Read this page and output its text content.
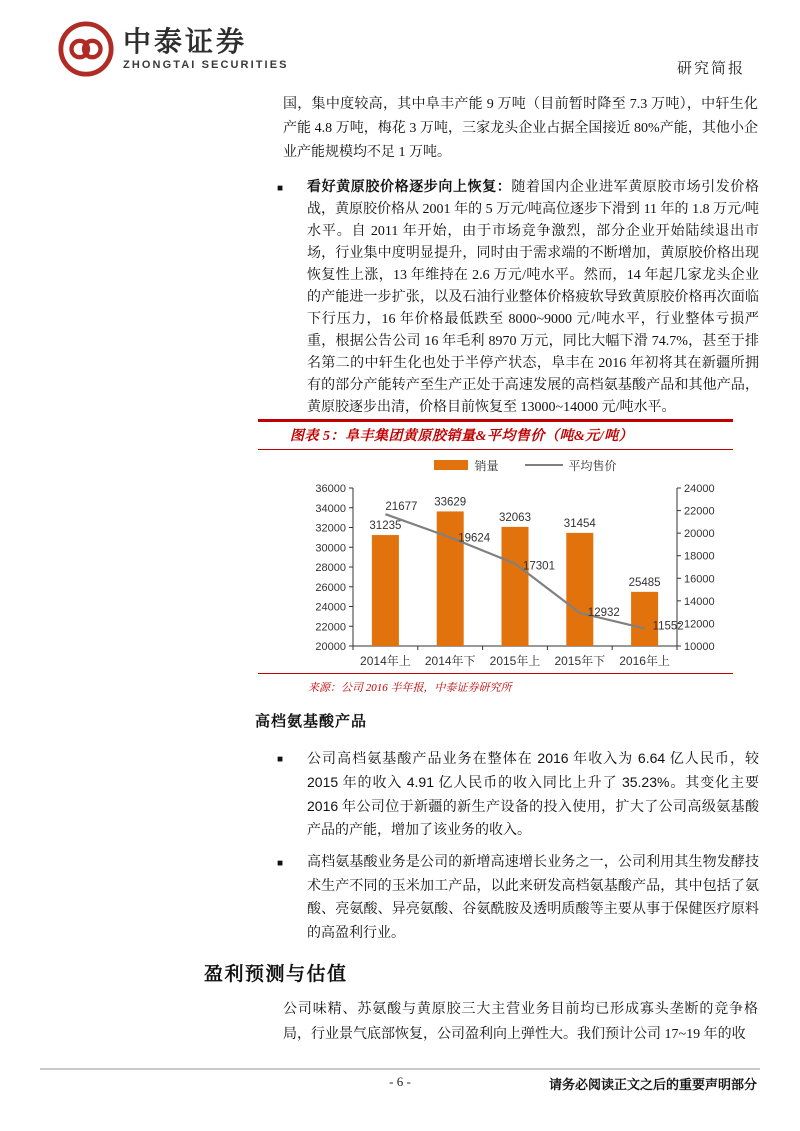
中泰证券
ZHONGTAI SECURITIES	研究简报
国，集中度较高，其中阜丰产能 9 万吨（目前暂时降至 7.3 万吨），中轩生化产能 4.8 万吨，梅花 3 万吨，三家龙头企业占据全国接近 80%产能，其他小企业产能规模均不足 1 万吨。
■	看好黄原胶价格逐步向上恢复：随着国内企业进军黄原胶市场引发价格战，黄原胶价格从 2001 年的 5 万元/吨高位逐步下滑到 11 年的 1.8 万元/吨水平。自 2011 年开始，由于市场竞争激烈，部分企业开始陆续退出市场，行业集中度明显提升，同时由于需求端的不断增加，黄原胶价格出现恢复性上涨，13 年维持在 2.6 万元/吨水平。然而，14 年起几家龙头企业的产能进一步扩张，以及石油行业整体价格疲软导致黄原胶价格再次面临下行压力，16 年价格最低跌至 8000~9000 元/吨水平，行业整体亏损严重，根据公告公司 16 年毛利 8970 万元，同比大幅下滑 74.7%，甚至于排名第二的中轩生化也处于半停产状态，阜丰在 2016 年初将其在新疆所拥有的部分产能转产至生产正处于高速发展的高档氨基酸产品和其他产品，黄原胶逐步出清，价格目前恢复至 13000~14000 元/吨水平。
图表 5：阜丰集团黄原胶销量&平均售价（吨&元/吨）
销量	平均售价
36000
34000
32000
30000
28000
26000
24000
22000
20000
24000
22000
20000
18000
16000
14000
12000
10000
2014年上 2014年下 2015年上 2015年下 2016年上
31235
33629
32063
31454
25485
21677
19624
17301
12932
11552
来源：公司 2016 半年报，中泰证券研究所
高档氨基酸产品
■	公司高档氨基酸产品业务在整体在 2016 年收入为 6.64 亿人民币，较 2015 年的收入 4.91 亿人民币的收入同比上升了 35.23%。其变化主要 2016 年公司位于新疆的新生产设备的投入使用，扩大了公司高级氨基酸产品的产能，增加了该业务的收入。
■	高档氨基酸业务是公司的新增高速增长业务之一，公司利用其生物发酵技术生产不同的玉米加工产品，以此来研发高档氨基酸产品，其中包括了氨酸、亮氨酸、异亮氨酸、谷氨酰胺及透明质酸等主要从事于保健医疗原料的高盈利行业。
盈利预测与估值
公司味精、苏氨酸与黄原胶三大主营业务目前均已形成寡头垄断的竞争格局，行业景气底部恢复，公司盈利向上弹性大。我们预计公司 17~19 年的收
- 6 -	请务必阅读正文之后的重要声明部分
